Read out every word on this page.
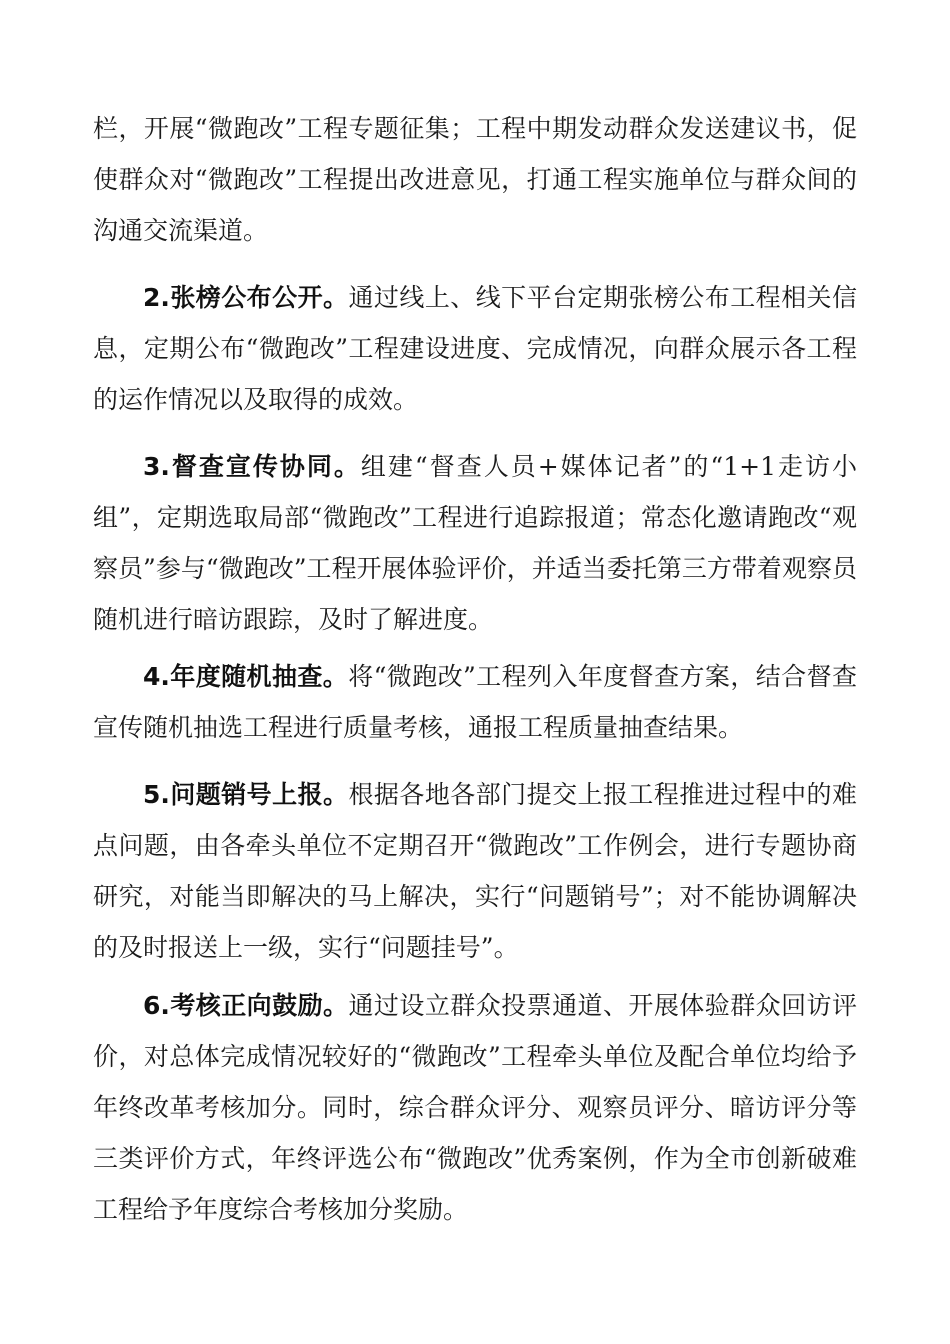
栏，开展“微跑改”工程专题征集；工程中期发动群众发送建议书，促使群众对“微跑改”工程提出改进意见，打通工程实施单位与群众间的沟通交流渠道。

2.张榜公布公开。通过线上、线下平台定期张榜公布工程相关信息，定期公布“微跑改”工程建设进度、完成情况，向群众展示各工程的运作情况以及取得的成效。

3.督查宣传协同。组建“督查人员+媒体记者”的“1+1走访小组”，定期选取局部“微跑改”工程进行追踪报道；常态化邀请跑改“观察员”参与“微跑改”工程开展体验评价，并适当委托第三方带着观察员随机进行暗访跟踪，及时了解进度。

4.年度随机抽查。将“微跑改”工程列入年度督查方案，结合督查宣传随机抽选工程进行质量考核，通报工程质量抽查结果。

5.问题销号上报。根据各地各部门提交上报工程推进过程中的难点问题，由各牵头单位不定期召开“微跑改”工作例会，进行专题协商研究，对能当即解决的马上解决，实行“问题销号”；对不能协调解决的及时报送上一级，实行“问题挂号”。

6.考核正向鼓励。通过设立群众投票通道、开展体验群众回访评价，对总体完成情况较好的“微跑改”工程牵头单位及配合单位均给予年终改革考核加分。同时，综合群众评分、观察员评分、暗访评分等三类评价方式，年终评选公布“微跑改”优秀案例，作为全市创新破难工程给予年度综合考核加分奖励。
